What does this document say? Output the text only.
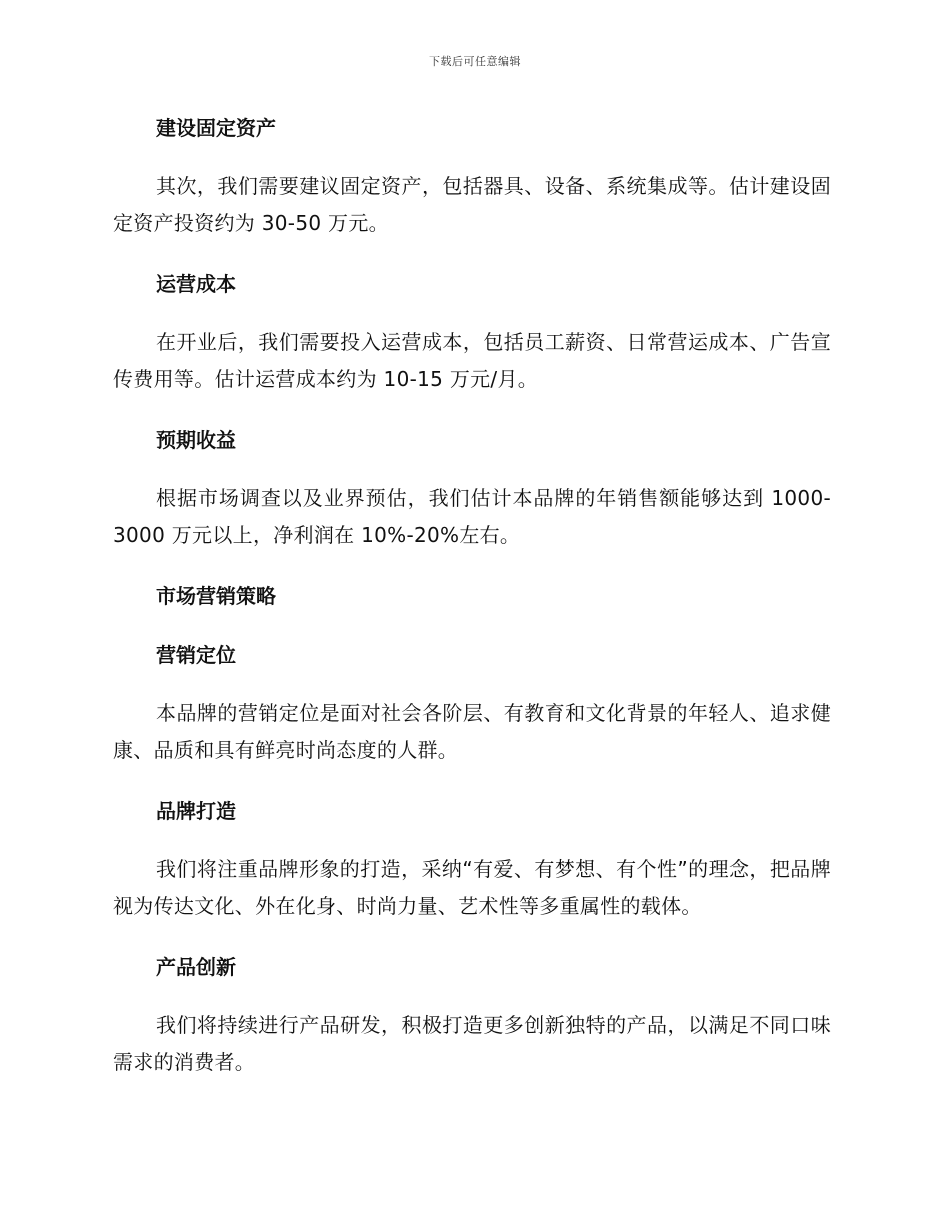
下载后可任意编辑
建设固定资产

其次，我们需要建议固定资产，包括器具、设备、系统集成等。估计建设固定资产投资约为 30-50 万元。

运营成本

在开业后，我们需要投入运营成本，包括员工薪资、日常营运成本、广告宣传费用等。估计运营成本约为 10-15 万元/月。

预期收益

根据市场调查以及业界预估，我们估计本品牌的年销售额能够达到 1000-3000 万元以上，净利润在 10%-20%左右。

市场营销策略
营销定位

本品牌的营销定位是面对社会各阶层、有教育和文化背景的年轻人、追求健康、品质和具有鲜亮时尚态度的人群。

品牌打造

我们将注重品牌形象的打造，采纳“有爱、有梦想、有个性”的理念，把品牌视为传达文化、外在化身、时尚力量、艺术性等多重属性的载体。

产品创新

我们将持续进行产品研发，积极打造更多创新独特的产品，以满足不同口味需求的消费者。
